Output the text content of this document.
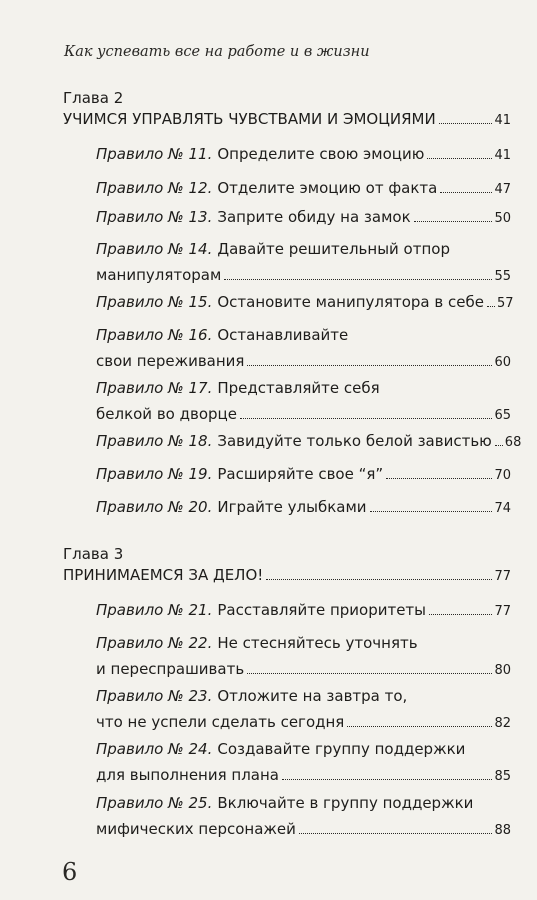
Как успевать все на работе и в жизни
Глава 2
УЧИМСЯ УПРАВЛЯТЬ ЧУВСТВАМИ И ЭМОЦИЯМИ	41
Правило № 11. Определите свою эмоцию	41
Правило № 12. Отделите эмоцию от факта	47
Правило № 13. Заприте обиду на замок	50
Правило № 14. Давайте решительный отпор
манипуляторам	55
Правило № 15. Остановите манипулятора в себе 57
Правило № 16. Останавливайте
свои переживания	60
Правило № 17. Представляйте себя
белкой во дворце	65
Правило № 18. Завидуйте только белой завистью 68
Правило № 19. Расширяйте свое “я”	70
Правило № 20. Играйте улыбками	74
Глава 3
ПРИНИМАЕМСЯ ЗА ДЕЛО!	77
Правило № 21. Расставляйте приоритеты	77
Правило № 22. Не стесняйтесь уточнять
и переспрашивать	80
Правило № 23. Отложите на завтра то,
что не успели сделать сегодня	82
Правило № 24. Создавайте группу поддержки
для выполнения плана	85
Правило № 25. Включайте в группу поддержки
мифических персонажей	88
6
